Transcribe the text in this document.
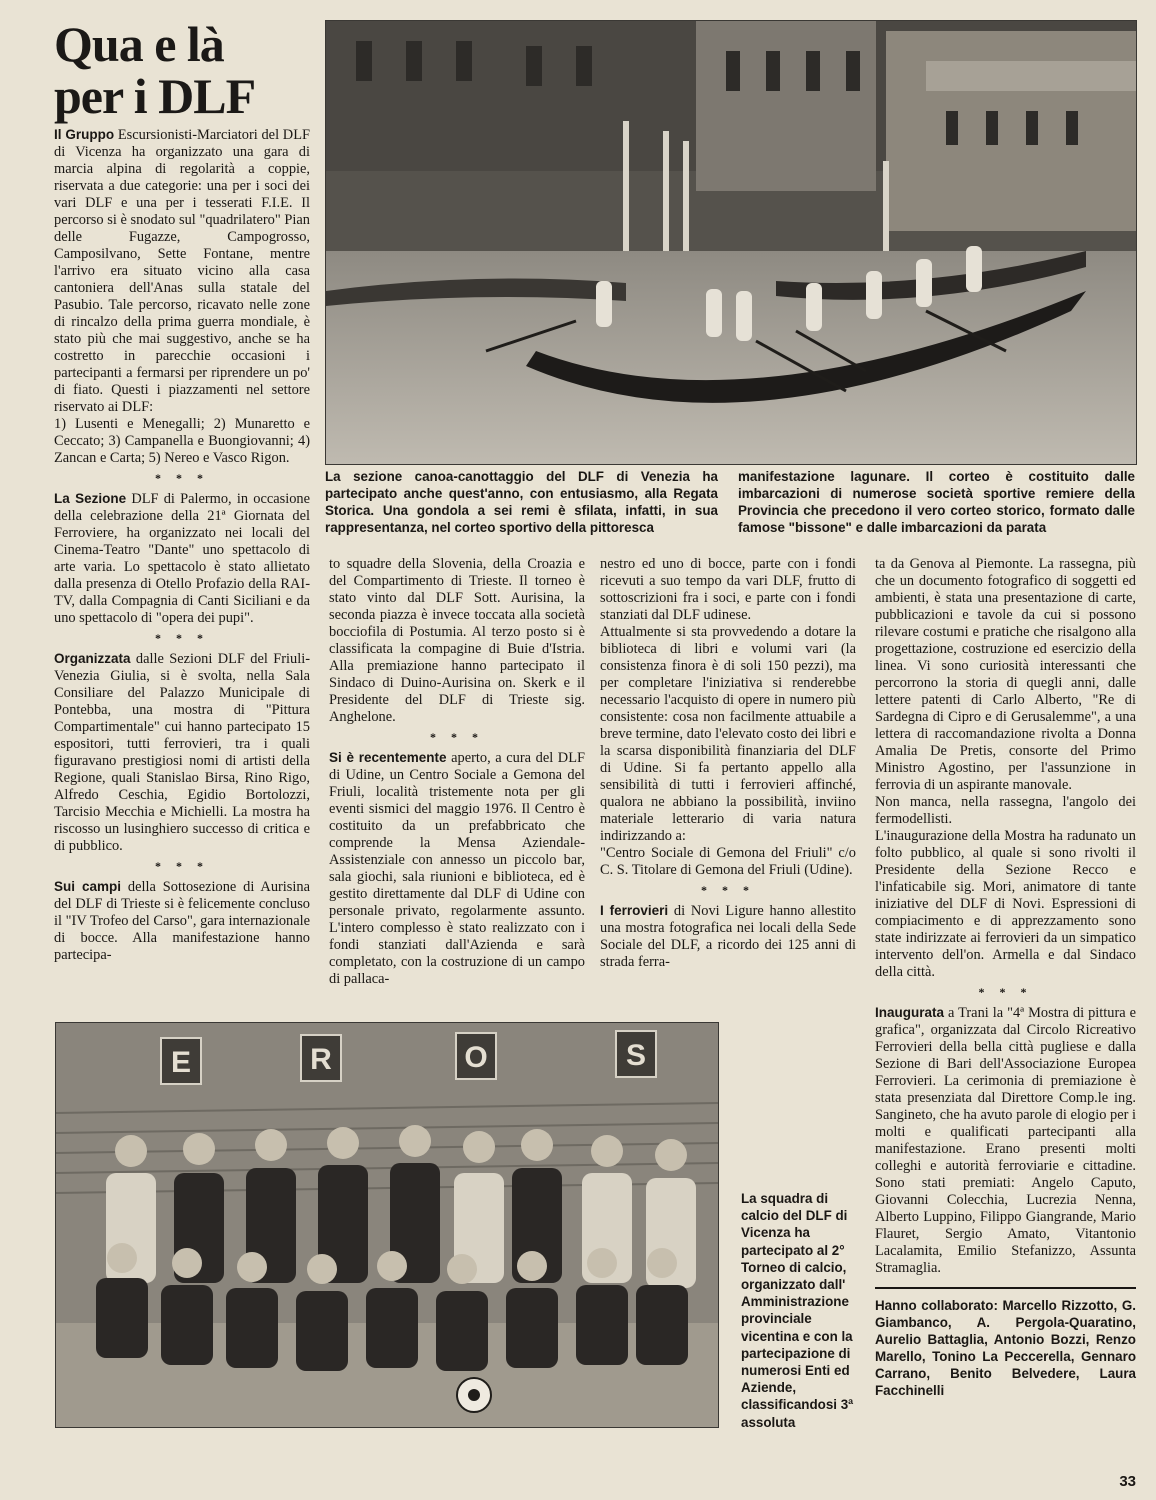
Qua e là
per i DLF
La sezione canoa-canottaggio del DLF di Venezia ha partecipato anche quest'anno, con entusiasmo, alla Regata Storica. Una gondola a sei remi è sfilata, infatti, in sua rappresentanza, nel corteo sportivo della pittoresca
manifestazione lagunare. Il corteo è costituito dalle imbarcazioni di numerose società sportive remiere della Provincia che precedono il vero corteo storico, formato dalle famose "bissone" e dalle imbarcazioni da parata

Il Gruppo Escursionisti-Marciatori del DLF di Vicenza ha organizzato una gara di marcia alpina di regolarità a coppie, riservata a due categorie: una per i soci dei vari DLF e una per i tesserati F.I.E. Il percorso si è snodato sul "quadrilatero" Pian delle Fugazze, Campogrosso, Camposilvano, Sette Fontane, mentre l'arrivo era situato vicino alla casa cantoniera dell'Anas sulla statale del Pasubio. Tale percorso, ricavato nelle zone di rincalzo della prima guerra mondiale, è stato più che mai suggestivo, anche se ha costretto in parecchie occasioni i partecipanti a fermarsi per riprendere un po' di fiato. Questi i piazzamenti nel settore riservato ai DLF:

1) Lusenti e Menegalli; 2) Munaretto e Ceccato; 3) Campanella e Buongiovanni; 4) Zancan e Carta; 5) Nereo e Vasco Rigon.

* * *

La Sezione DLF di Palermo, in occasione della celebrazione della 21ª Giornata del Ferroviere, ha organizzato nei locali del Cinema-Teatro "Dante" uno spettacolo di arte varia. Lo spettacolo è stato allietato dalla presenza di Otello Profazio della RAI-TV, dalla Compagnia di Canti Siciliani e da uno spettacolo di "opera dei pupi".

* * *

Organizzata dalle Sezioni DLF del Friuli-Venezia Giulia, si è svolta, nella Sala Consiliare del Palazzo Municipale di Pontebba, una mostra di "Pittura Compartimentale" cui hanno partecipato 15 espositori, tutti ferrovieri, tra i quali figuravano prestigiosi nomi di artisti della Regione, quali Stanislao Birsa, Rino Rigo, Alfredo Ceschia, Egidio Bortolozzi, Tarcisio Mecchia e Michielli. La mostra ha riscosso un lusinghiero successo di critica e di pubblico.

* * *

Sui campi della Sottosezione di Aurisina del DLF di Trieste si è felicemente concluso il "IV Trofeo del Carso", gara internazionale di bocce. Alla manifestazione hanno partecipa-

to squadre della Slovenia, della Croazia e del Compartimento di Trieste. Il torneo è stato vinto dal DLF Sott. Aurisina, la seconda piazza è invece toccata alla società bocciofila di Postumia. Al terzo posto si è classificata la compagine di Buie d'Istria. Alla premiazione hanno partecipato il Sindaco di Duino-Aurisina on. Skerk e il Presidente del DLF di Trieste sig. Anghelone.

* * *

Si è recentemente aperto, a cura del DLF di Udine, un Centro Sociale a Gemona del Friuli, località tristemente nota per gli eventi sismici del maggio 1976. Il Centro è costituito da un prefabbricato che comprende la Mensa Aziendale-Assistenziale con annesso un piccolo bar, sala giochi, sala riunioni e biblioteca, ed è gestito direttamente dal DLF di Udine con personale privato, regolarmente assunto. L'intero complesso è stato realizzato con i fondi stanziati dall'Azienda e sarà completato, con la costruzione di un campo di pallaca-

nestro ed uno di bocce, parte con i fondi ricevuti a suo tempo da vari DLF, frutto di sottoscrizioni fra i soci, e parte con i fondi stanziati dal DLF udinese.

Attualmente si sta provvedendo a dotare la biblioteca di libri e volumi vari (la consistenza finora è di soli 150 pezzi), ma per completare l'iniziativa si renderebbe necessario l'acquisto di opere in numero più consistente: cosa non facilmente attuabile a breve termine, dato l'elevato costo dei libri e la scarsa disponibilità finanziaria del DLF di Udine. Si fa pertanto appello alla sensibilità di tutti i ferrovieri affinché, qualora ne abbiano la possibilità, inviino materiale letterario di varia natura indirizzando a:

"Centro Sociale di Gemona del Friuli" c/o C. S. Titolare di Gemona del Friuli (Udine).

* * *

I ferrovieri di Novi Ligure hanno allestito una mostra fotografica nei locali della Sede Sociale del DLF, a ricordo dei 125 anni di strada ferra-

ta da Genova al Piemonte. La rassegna, più che un documento fotografico di soggetti ed ambienti, è stata una presentazione di carte, pubblicazioni e tavole da cui si possono rilevare costumi e pratiche che risalgono alla progettazione, costruzione ed esercizio della linea. Vi sono curiosità interessanti che percorrono la storia di quegli anni, dalle lettere patenti di Carlo Alberto, "Re di Sardegna di Cipro e di Gerusalemme", a una lettera di raccomandazione rivolta a Donna Amalia De Pretis, consorte del Primo Ministro Agostino, per l'assunzione in ferrovia di un aspirante manovale.

Non manca, nella rassegna, l'angolo dei fermodellisti.

L'inaugurazione della Mostra ha radunato un folto pubblico, al quale si sono rivolti il Presidente della Sezione Recco e l'infaticabile sig. Mori, animatore di tante iniziative del DLF di Novi. Espressioni di compiacimento e di apprezzamento sono state indirizzate ai ferrovieri da un simpatico intervento dell'on. Armella e dal Sindaco della città.

* * *

Inaugurata a Trani la "4ª Mostra di pittura e grafica", organizzata dal Circolo Ricreativo Ferrovieri della bella città pugliese e dalla Sezione di Bari dell'Associazione Europea Ferrovieri. La cerimonia di premiazione è stata presenziata dal Direttore Comp.le ing. Sangineto, che ha avuto parole di elogio per i molti e qualificati partecipanti alla manifestazione. Erano presenti molti colleghi e autorità ferroviarie e cittadine. Sono stati premiati: Angelo Caputo, Giovanni Colecchia, Lucrezia Nenna, Alberto Luppino, Filippo Giangrande, Mario Flauret, Sergio Amato, Vitantonio Lacalamita, Emilio Stefanizzo, Assunta Stramaglia.

Hanno collaborato: Marcello Rizzotto, G. Giambanco, A. Pergola-Quaratino, Aurelio Battaglia, Antonio Bozzi, Renzo Marello, Tonino La Peccerella, Gennaro Carrano, Benito Belvedere, Laura Facchinelli

E	R	O	S
La squadra di calcio del DLF di Vicenza ha partecipato al 2° Torneo di calcio, organizzato dall' Amministrazione provinciale vicentina e con la partecipazione di numerosi Enti ed Aziende, classificandosi 3ª assoluta
33
